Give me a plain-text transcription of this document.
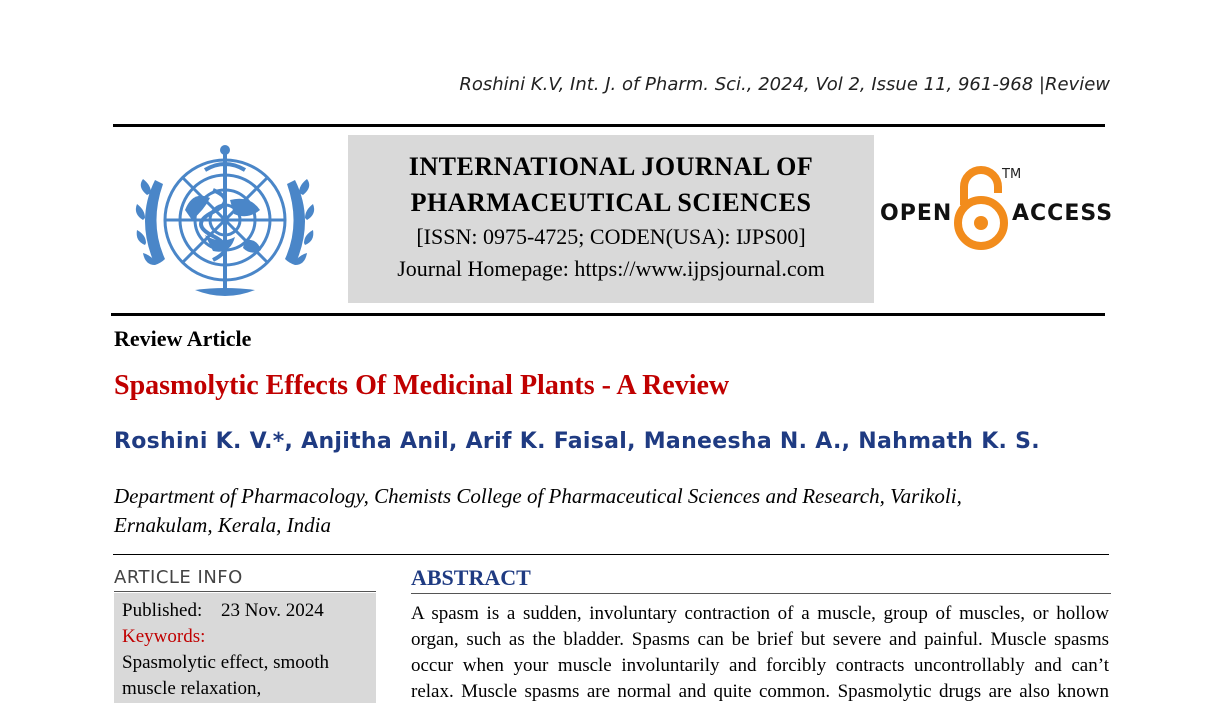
Roshini K.V, Int. J. of Pharm. Sci., 2024, Vol 2, Issue 11, 961-968 |Review
INTERNATIONAL JOURNAL OF
PHARMACEUTICAL SCIENCES
[ISSN: 0975-4725; CODEN(USA): IJPS00]
Journal Homepage: https://www.ijpsjournal.com
OPEN
TM
ACCESS
Review Article
Spasmolytic Effects Of Medicinal Plants - A Review
Roshini K. V.*, Anjitha Anil, Arif K. Faisal, Maneesha N. A., Nahmath K. S.
Department of Pharmacology, Chemists College of Pharmaceutical Sciences and Research, Varikoli,
Ernakulam, Kerala, India
ARTICLE INFO
Published: 23 Nov. 2024
Keywords:
Spasmolytic effect, smooth
muscle relaxation,
ABSTRACT
A spasm is a sudden, involuntary contraction of a muscle, group of muscles, or hollow
organ, such as the bladder. Spasms can be brief but severe and painful. Muscle spasms
occur when your muscle involuntarily and forcibly contracts uncontrollably and can’t
relax. Muscle spasms are normal and quite common. Spasmolytic drugs are also known
